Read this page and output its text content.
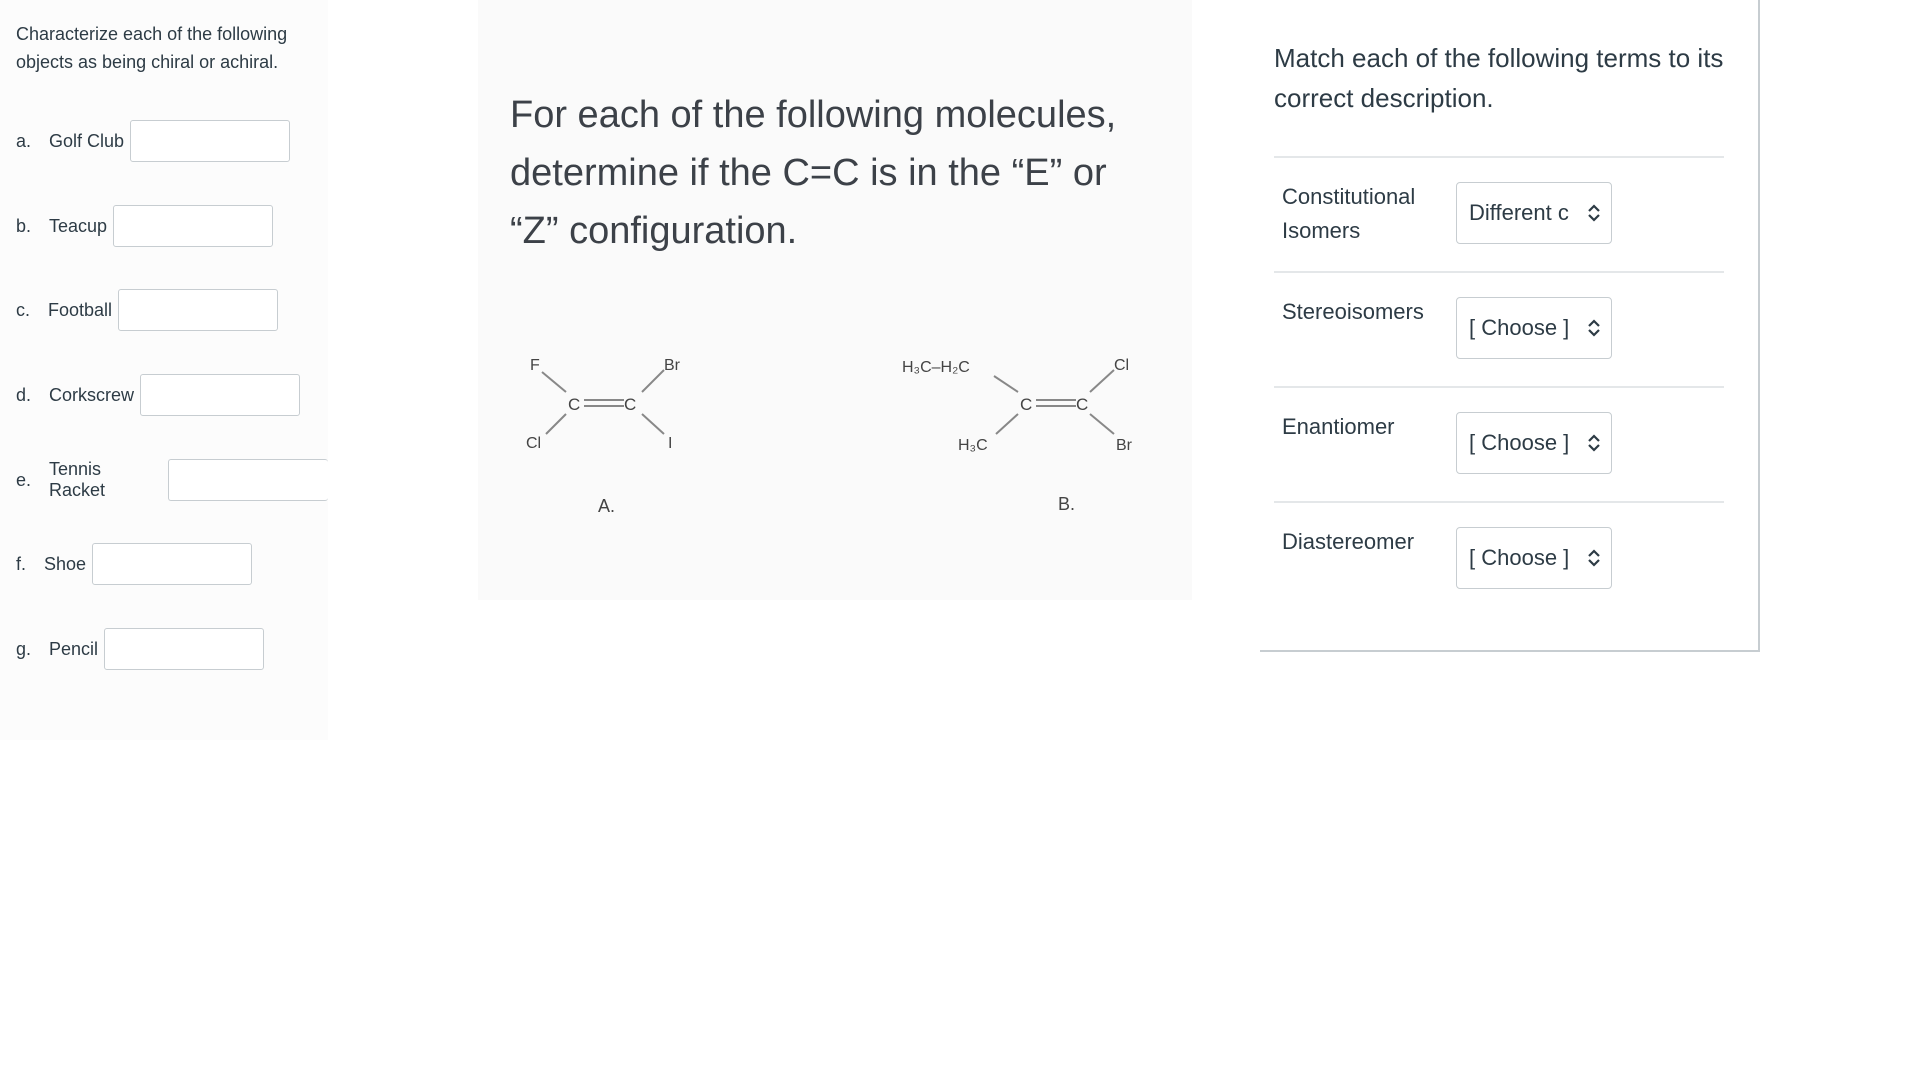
Characterize each of the following objects as being chiral or achiral.
a. Golf Club
b. Teacup
c. Football
d. Corkscrew
e.
Tennis Racket
f. Shoe
g. Pencil
For each of the following molecules, determine if the C=C is in the “E” or “Z” configuration.
F	Br
Cl	I
C	C
A.
H₃C–H₂C	Cl
H₃C	Br
C	C
B.
Match each of the following terms to its correct description.
Constitutional Isomers
Different c
Stereoisomers
[ Choose ]
Enantiomer
[ Choose ]
Diastereomer
[ Choose ]
